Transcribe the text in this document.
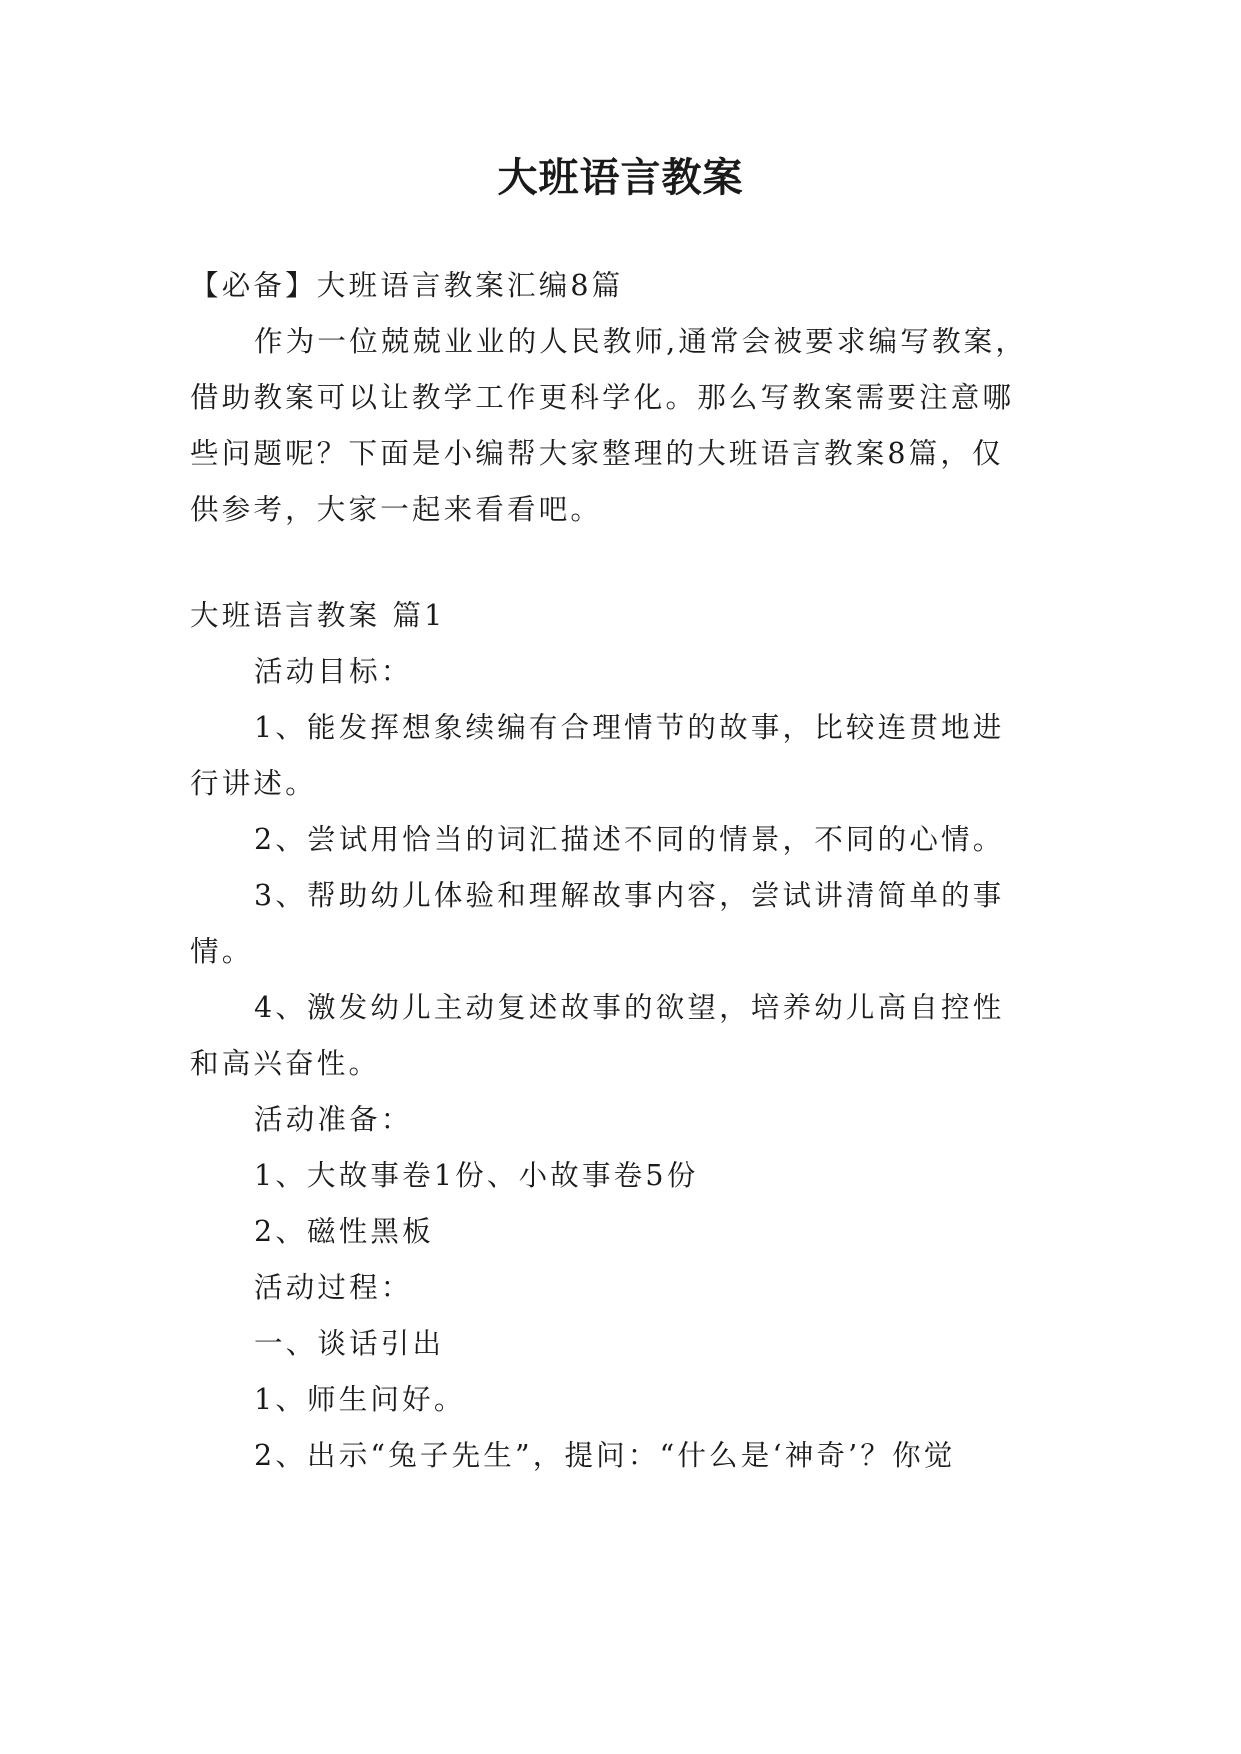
大班语言教案
【必备】大班语言教案汇编8篇
作为一位兢兢业业的人民教师,通常会被要求编写教案，
借助教案可以让教学工作更科学化。那么写教案需要注意哪
些问题呢？下面是小编帮大家整理的大班语言教案8篇，仅
供参考，大家一起来看看吧。
大班语言教案 篇1
活动目标：
1、能发挥想象续编有合理情节的故事，比较连贯地进
行讲述。
2、尝试用恰当的词汇描述不同的情景，不同的心情。
3、帮助幼儿体验和理解故事内容，尝试讲清简单的事
情。
4、激发幼儿主动复述故事的欲望，培养幼儿高自控性
和高兴奋性。
活动准备：
1、大故事卷1份、小故事卷5份
2、磁性黑板
活动过程：
一、谈话引出
1、师生问好。
2、出示“兔子先生”，提问：“什么是‘神奇’？你觉
